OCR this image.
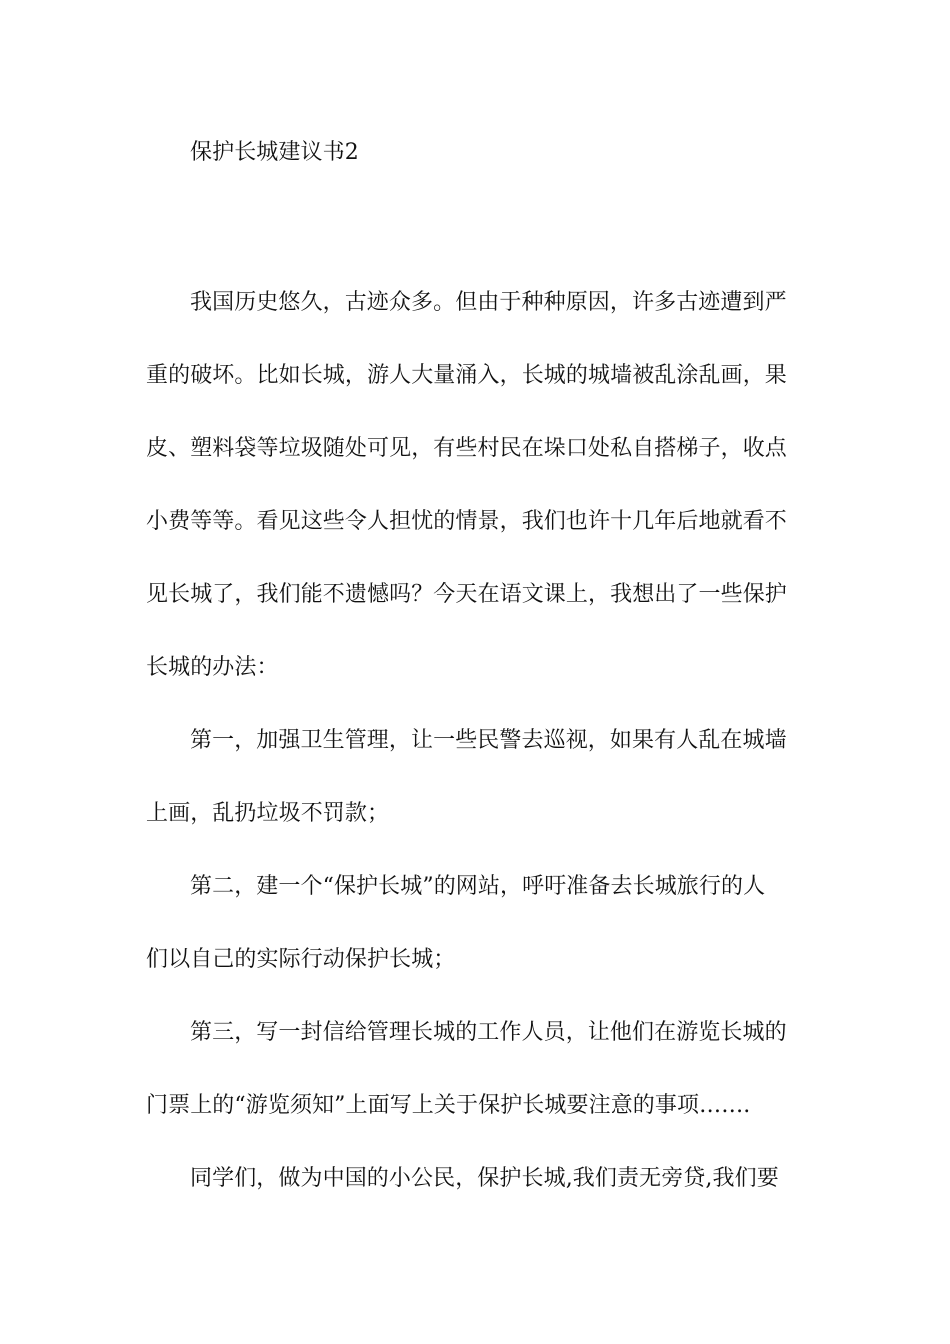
保护长城建议书2
我国历史悠久，古迹众多。但由于种种原因，许多古迹遭到严
重的破坏。比如长城，游人大量涌入，长城的城墙被乱涂乱画，果
皮、塑料袋等垃圾随处可见，有些村民在垛口处私自搭梯子，收点
小费等等。看见这些令人担忧的情景，我们也许十几年后地就看不
见长城了，我们能不遗憾吗？今天在语文课上，我想出了一些保护
长城的办法：
第一，加强卫生管理，让一些民警去巡视，如果有人乱在城墙
上画，乱扔垃圾不罚款；
第二，建一个“保护长城”的网站，呼吁准备去长城旅行的人
们以自己的实际行动保护长城；
第三，写一封信给管理长城的工作人员，让他们在游览长城的
门票上的“游览须知”上面写上关于保护长城要注意的事项…….
同学们，做为中国的小公民，保护长城,我们责无旁贷,我们要
